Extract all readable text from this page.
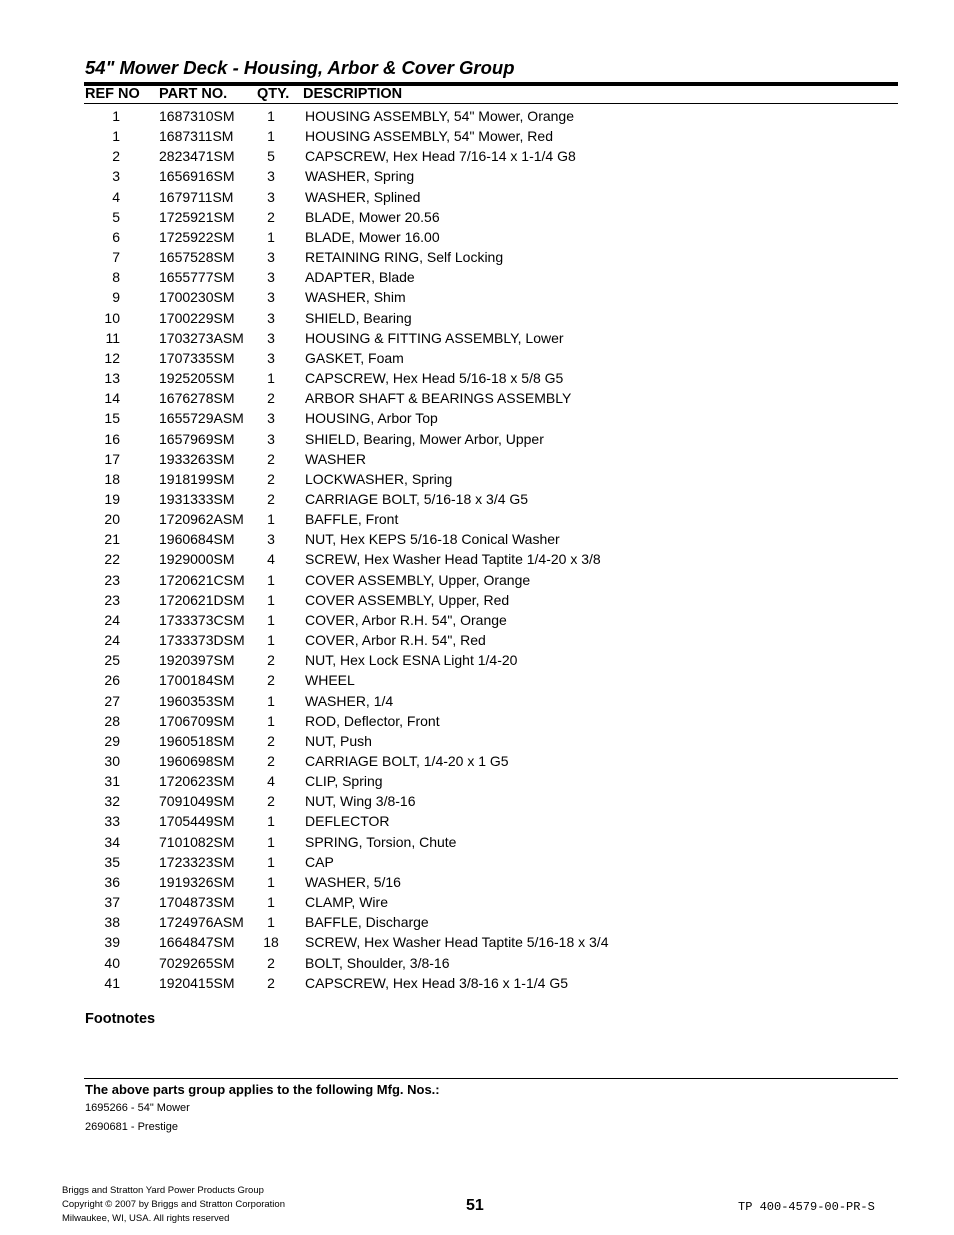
54" Mower Deck - Housing, Arbor & Cover Group
REF NO PART NO. QTY. DESCRIPTION
1	1687310SM	1	HOUSING ASSEMBLY, 54" Mower, Orange
1	1687311SM	1	HOUSING ASSEMBLY, 54" Mower, Red
2	2823471SM	5	CAPSCREW, Hex Head 7/16-14 x 1-1/4 G8
3	1656916SM	3	WASHER, Spring
4	1679711SM	3	WASHER, Splined
5	1725921SM	2	BLADE, Mower 20.56
6	1725922SM	1	BLADE, Mower 16.00
7	1657528SM	3	RETAINING RING, Self Locking
8	1655777SM	3	ADAPTER, Blade
9	1700230SM	3	WASHER, Shim
10	1700229SM	3	SHIELD, Bearing
11	1703273ASM	3	HOUSING & FITTING ASSEMBLY, Lower
12	1707335SM	3	GASKET, Foam
13	1925205SM	1	CAPSCREW, Hex Head 5/16-18 x 5/8 G5
14	1676278SM	2	ARBOR SHAFT & BEARINGS ASSEMBLY
15	1655729ASM	3	HOUSING, Arbor Top
16	1657969SM	3	SHIELD, Bearing, Mower Arbor, Upper
17	1933263SM	2	WASHER
18	1918199SM	2	LOCKWASHER, Spring
19	1931333SM	2	CARRIAGE BOLT, 5/16-18 x 3/4 G5
20	1720962ASM	1	BAFFLE, Front
21	1960684SM	3	NUT, Hex KEPS 5/16-18 Conical Washer
22	1929000SM	4	SCREW, Hex Washer Head Taptite 1/4-20 x 3/8
23	1720621CSM	1	COVER ASSEMBLY, Upper, Orange
23	1720621DSM	1	COVER ASSEMBLY, Upper, Red
24	1733373CSM	1	COVER, Arbor R.H. 54", Orange
24	1733373DSM	1	COVER, Arbor R.H. 54", Red
25	1920397SM	2	NUT, Hex Lock ESNA Light 1/4-20
26	1700184SM	2	WHEEL
27	1960353SM	1	WASHER, 1/4
28	1706709SM	1	ROD, Deflector, Front
29	1960518SM	2	NUT, Push
30	1960698SM	2	CARRIAGE BOLT, 1/4-20 x 1 G5
31	1720623SM	4	CLIP, Spring
32	7091049SM	2	NUT, Wing 3/8-16
33	1705449SM	1	DEFLECTOR
34	7101082SM	1	SPRING, Torsion, Chute
35	1723323SM	1	CAP
36	1919326SM	1	WASHER, 5/16
37	1704873SM	1	CLAMP, Wire
38	1724976ASM	1	BAFFLE, Discharge
39	1664847SM	18	SCREW, Hex Washer Head Taptite 5/16-18 x 3/4
40	7029265SM	2	BOLT, Shoulder, 3/8-16
41	1920415SM	2	CAPSCREW, Hex Head 3/8-16 x 1-1/4 G5

Footnotes

The above parts group applies to the following Mfg. Nos.:

1695266 - 54" Mower
2690681 - Prestige
Briggs and Stratton Yard Power Products Group
Copyright © 2007 by Briggs and Stratton Corporation
Milwaukee, WI, USA. All rights reserved
51	TP 400-4579-00-PR-S
